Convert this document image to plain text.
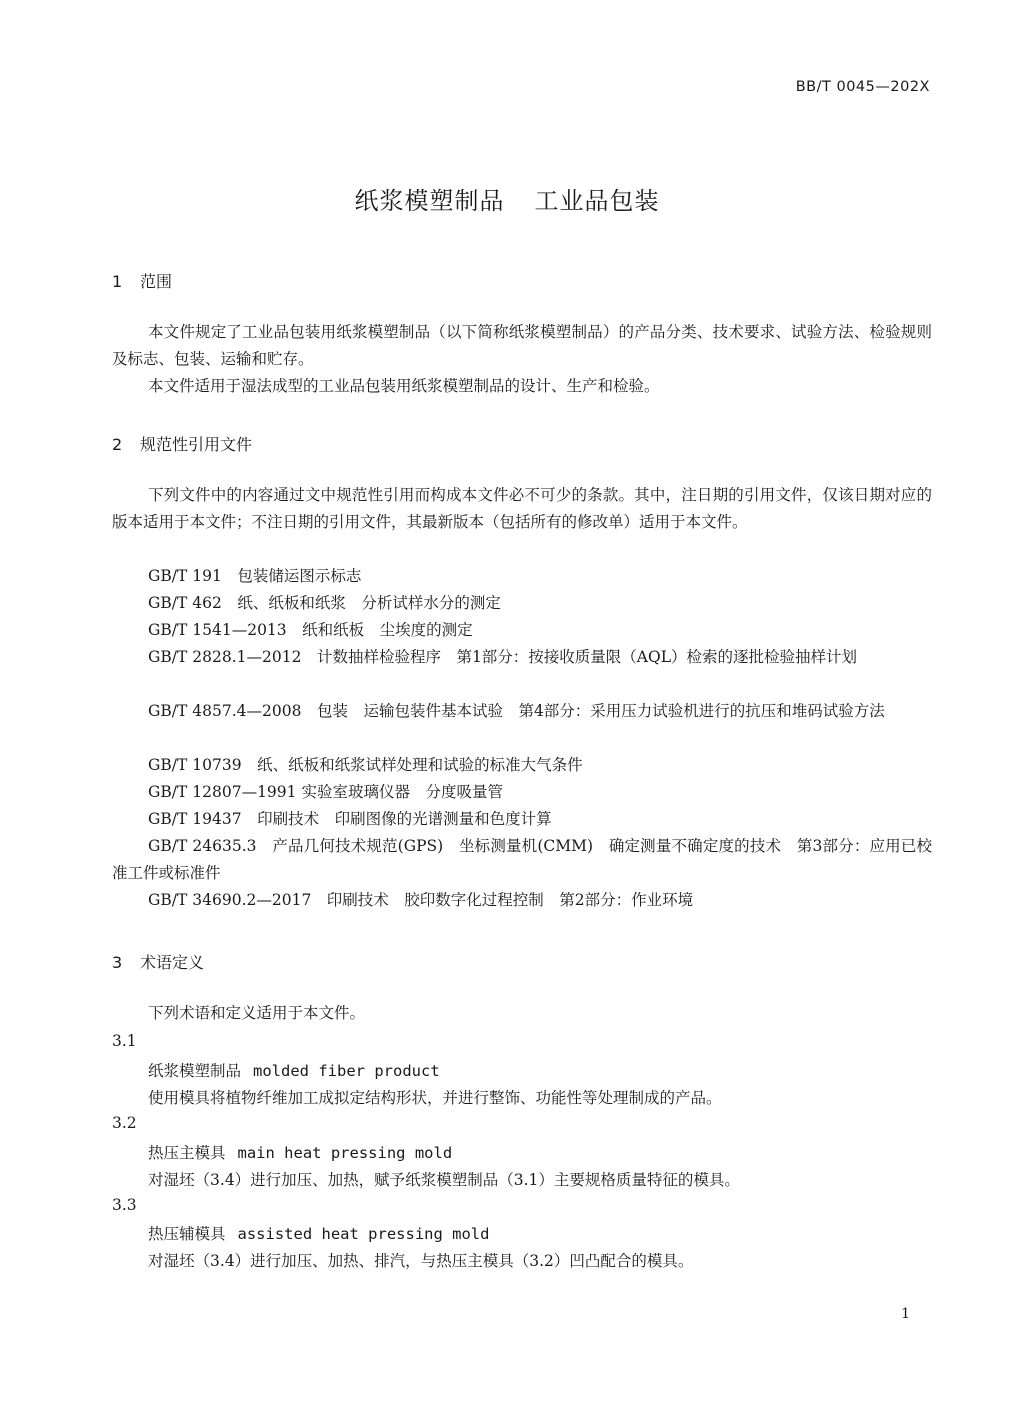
BB/T 0045—202X
纸浆模塑制品 工业品包装
1 范围
本文件规定了工业品包装用纸浆模塑制品（以下简称纸浆模塑制品）的产品分类、技术要求、试验方法、检验规则及标志、包装、运输和贮存。
本文件适用于湿法成型的工业品包装用纸浆模塑制品的设计、生产和检验。
2 规范性引用文件
下列文件中的内容通过文中规范性引用而构成本文件必不可少的条款。其中，注日期的引用文件，仅该日期对应的版本适用于本文件；不注日期的引用文件，其最新版本（包括所有的修改单）适用于本文件。
GB/T 191　包装储运图示标志
GB/T 462　纸、纸板和纸浆　分析试样水分的测定
GB/T 1541—2013　纸和纸板　尘埃度的测定
GB/T 2828.1—2012　计数抽样检验程序　第1部分：按接收质量限（AQL）检索的逐批检验抽样计划
GB/T 4857.4—2008　包装　运输包装件基本试验　第4部分：采用压力试验机进行的抗压和堆码试验方法
GB/T 10739　纸、纸板和纸浆试样处理和试验的标准大气条件
GB/T 12807—1991 实验室玻璃仪器　分度吸量管
GB/T 19437　印刷技术　印刷图像的光谱测量和色度计算
GB/T 24635.3　产品几何技术规范(GPS)　坐标测量机(CMM)　确定测量不确定度的技术　第3部分：应用已校准工件或标准件
GB/T 34690.2—2017　印刷技术　胶印数字化过程控制　第2部分：作业环境
3 术语定义
下列术语和定义适用于本文件。
3.1
纸浆模塑制品 molded fiber product
使用模具将植物纤维加工成拟定结构形状，并进行整饰、功能性等处理制成的产品。
3.2
热压主模具 main heat pressing mold
对湿坯（3.4）进行加压、加热，赋予纸浆模塑制品（3.1）主要规格质量特征的模具。
3.3
热压辅模具 assisted heat pressing mold
对湿坯（3.4）进行加压、加热、排汽，与热压主模具（3.2）凹凸配合的模具。
1
